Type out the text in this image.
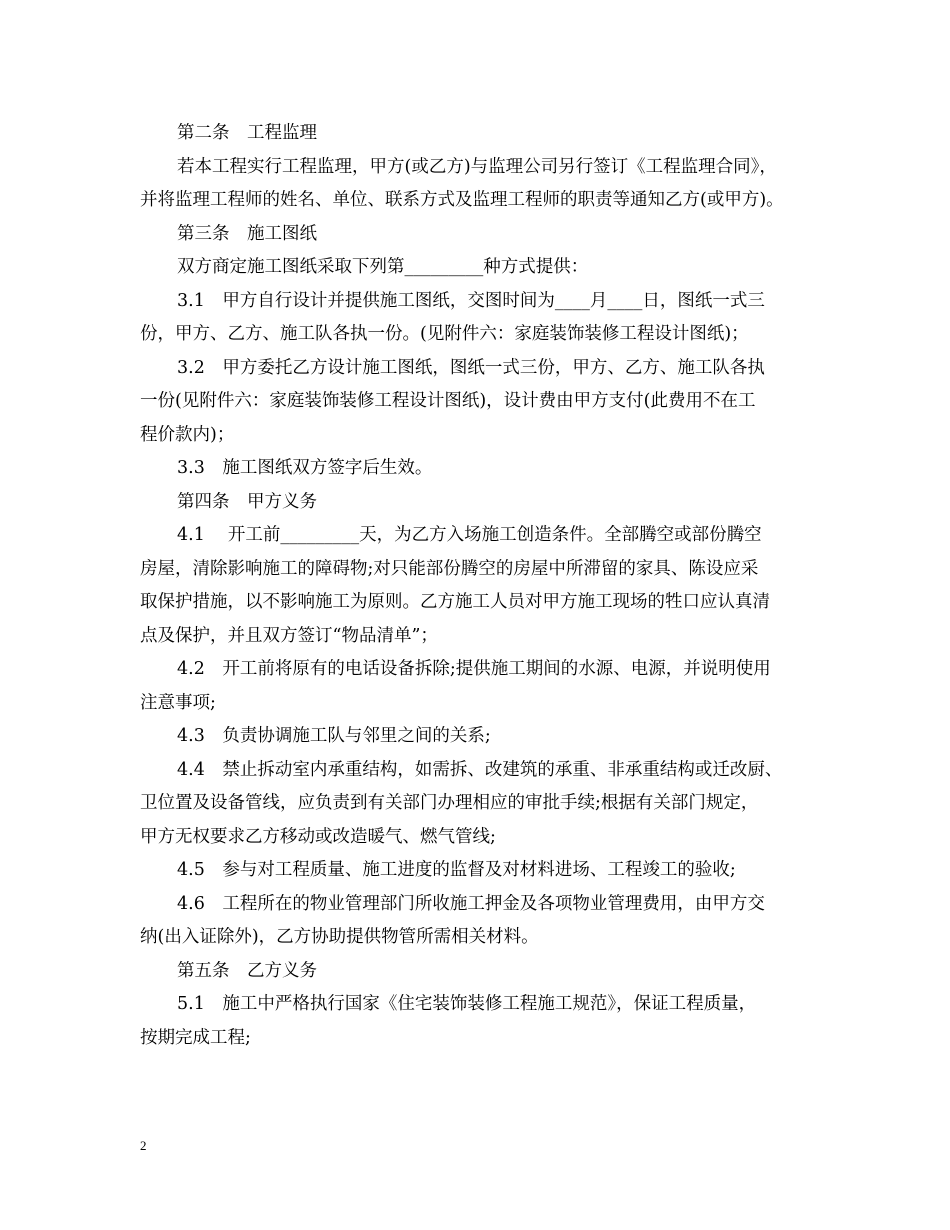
第二条　工程监理
若本工程实行工程监理，甲方(或乙方)与监理公司另行签订《工程监理合同》，
并将监理工程师的姓名、单位、联系方式及监理工程师的职责等通知乙方(或甲方)。
第三条　施工图纸
双方商定施工图纸采取下列第_________种方式提供：
3.1　甲方自行设计并提供施工图纸，交图时间为____月____日，图纸一式三
份，甲方、乙方、施工队各执一份。(见附件六：家庭装饰装修工程设计图纸)；
3.2　甲方委托乙方设计施工图纸，图纸一式三份，甲方、乙方、施工队各执
一份(见附件六：家庭装饰装修工程设计图纸)，设计费由甲方支付(此费用不在工
程价款内)；
3.3　施工图纸双方签字后生效。
第四条　甲方义务
4.1　 开工前_________天，为乙方入场施工创造条件。全部腾空或部份腾空
房屋，清除影响施工的障碍物;对只能部份腾空的房屋中所滞留的家具、陈设应采
取保护措施，以不影响施工为原则。乙方施工人员对甲方施工现场的牲口应认真清
点及保护，并且双方签订“物品清单”；
4.2　开工前将原有的电话设备拆除;提供施工期间的水源、电源，并说明使用
注意事项;
4.3　负责协调施工队与邻里之间的关系;
4.4　禁止拆动室内承重结构，如需拆、改建筑的承重、非承重结构或迁改厨、
卫位置及设备管线，应负责到有关部门办理相应的审批手续;根据有关部门规定，
甲方无权要求乙方移动或改造暖气、燃气管线;
4.5　参与对工程质量、施工进度的监督及对材料进场、工程竣工的验收;
4.6　工程所在的物业管理部门所收施工押金及各项物业管理费用，由甲方交
纳(出入证除外)，乙方协助提供物管所需相关材料。
第五条　乙方义务
5.1　施工中严格执行国家《住宅装饰装修工程施工规范》，保证工程质量，
按期完成工程;
2
